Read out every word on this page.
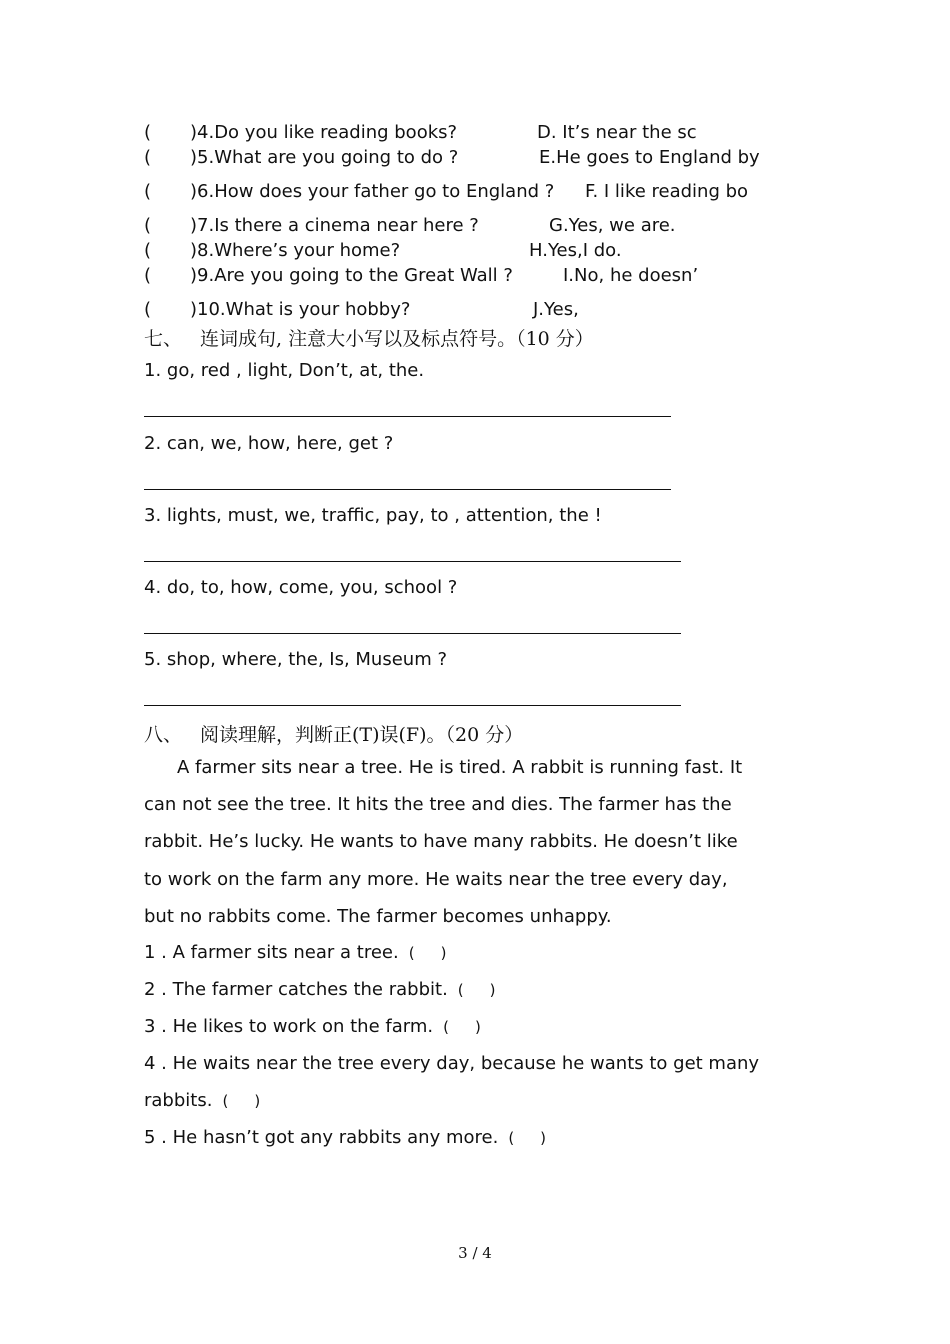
( )4.Do you like reading books?	D. It’s near the sc
( )5.What are you going to do ?	E.He goes to England by
( )6.How does your father go to England ? F. I like reading bo
( )7.Is there a cinema near here ?	G.Yes, we are.
( )8.Where’s your home?	H.Yes,I do.
( )9.Are you going to the Great Wall ?	I.No, he doesn’
( )10.What is your hobby?	J.Yes,
七、 连词成句, 注意大小写以及标点符号。（10 分）
1. go, red , light, Don’t, at, the.
2. can, we, how, here, get ?
3. lights, must, we, traffic, pay, to , attention, the !
4. do, to, how, come, you, school ?
5. shop, where, the, Is, Museum ?
八、 阅读理解，判断正(T)误(F)。（20 分）
A farmer sits near a tree. He is tired. A rabbit is running fast. It
can not see the tree. It hits the tree and dies. The farmer has the
rabbit. He’s lucky. He wants to have many rabbits. He doesn’t like
to work on the farm any more. He waits near the tree every day,
but no rabbits come. The farmer becomes unhappy.
1 . A farmer sits near a tree. ( )
2 . The farmer catches the rabbit. ( )
3 . He likes to work on the farm. ( )
4 . He waits near the tree every day, because he wants to get many
rabbits. ( )
5 . He hasn’t got any rabbits any more. ( )
3 / 4
